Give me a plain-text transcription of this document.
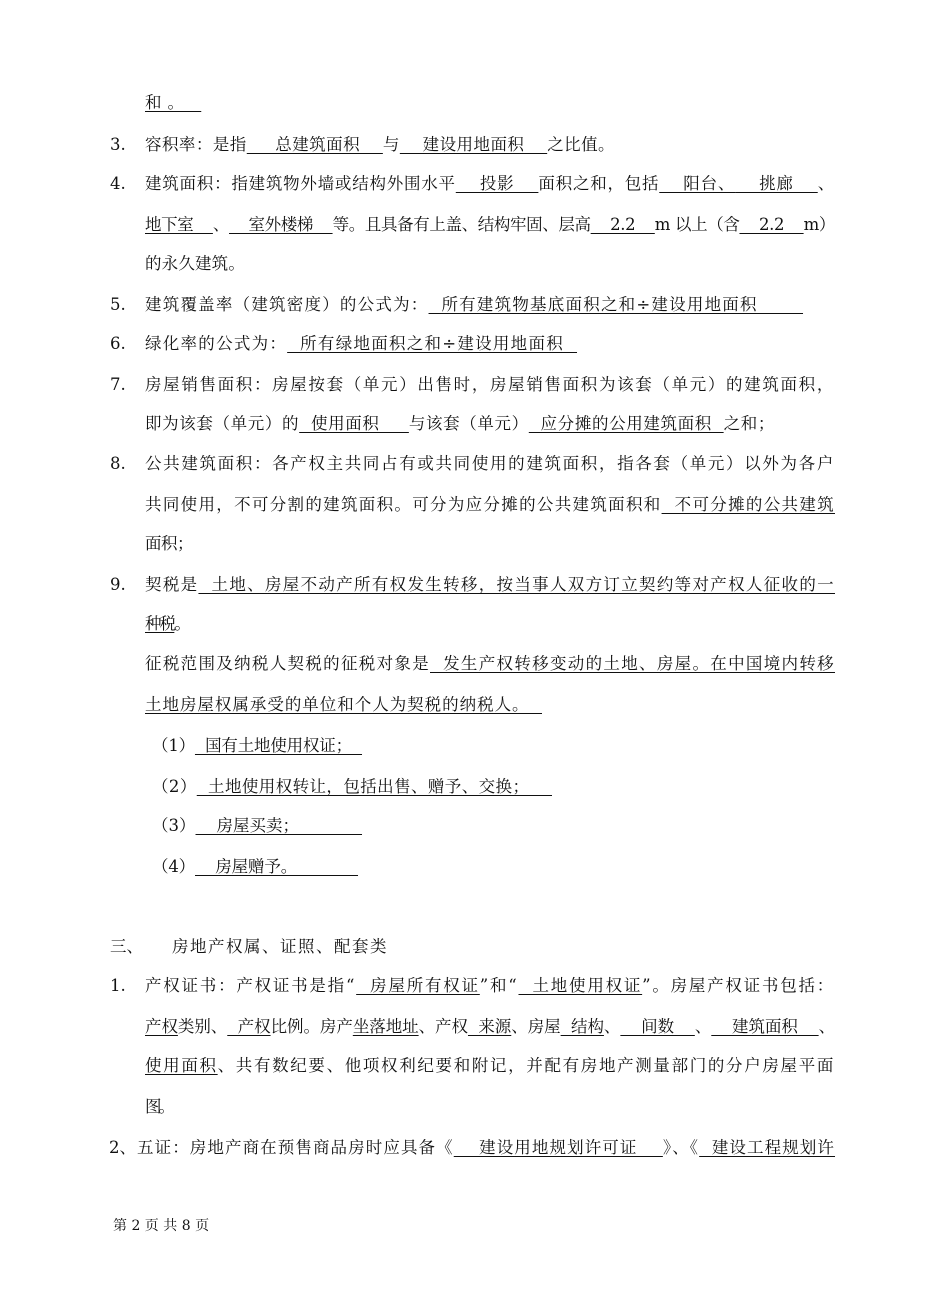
和。
3. 容积率：是指     总建筑面积    与    建设用地面积    之比值。
4. 建筑面积：指建筑物外墙或结构外围水平    投影    面积之和，包括    阳台、    挑廊    、
地下室    、    室外楼梯    等。且具备有上盖、结构牢固、层高    2.2    m 以上（含    2.2    m）
的永久建筑。
5. 建筑覆盖率（建筑密度）的公式为：  所有建筑物基底面积之和÷建设用地面积
6. 绿化率的公式为：  所有绿地面积之和÷建设用地面积
7. 房屋销售面积：房屋按套（单元）出售时，房屋销售面积为该套（单元）的建筑面积，
即为该套（单元）的  使用面积     与该套（单元）  应分摊的公用建筑面积  之和；
8. 公共建筑面积：各产权主共同占有或共同使用的建筑面积，指各套（单元）以外为各户
共同使用，不可分割的建筑面积。可分为应分摊的公共建筑面积和  不可分摊的公共建筑
面积；
9. 契税是  土地、房屋不动产所有权发生转移，按当事人双方订立契约等对产权人征收的一
种税。
征税范围及纳税人契税的征税对象是  发生产权转移变动的土地、房屋。在中国境内转移
土地房屋权属承受的单位和个人为契税的纳税人。
（1）  国有土地使用权证；
（2）  土地使用权转让，包括出售、赠予、交换；
（3）    房屋买卖；
（4）    房屋赠予。
三、 房地产权属、证照、配套类
1. 产权证书：产权证书是指“  房屋所有权证”和“  土地使用权证”。房屋产权证书包括：
产权类别、  产权比例。房产坐落地址、产权  来源、房屋  结构、    间数    、    建筑面积    、
使用面积、共有数纪要、他项权利纪要和附记，并配有房地产测量部门的分户房屋平面
图。
2、 五证：房地产商在预售商品房时应具备《    建设用地规划许可证    》、《  建设工程规划许
第 2 页 共 8 页
